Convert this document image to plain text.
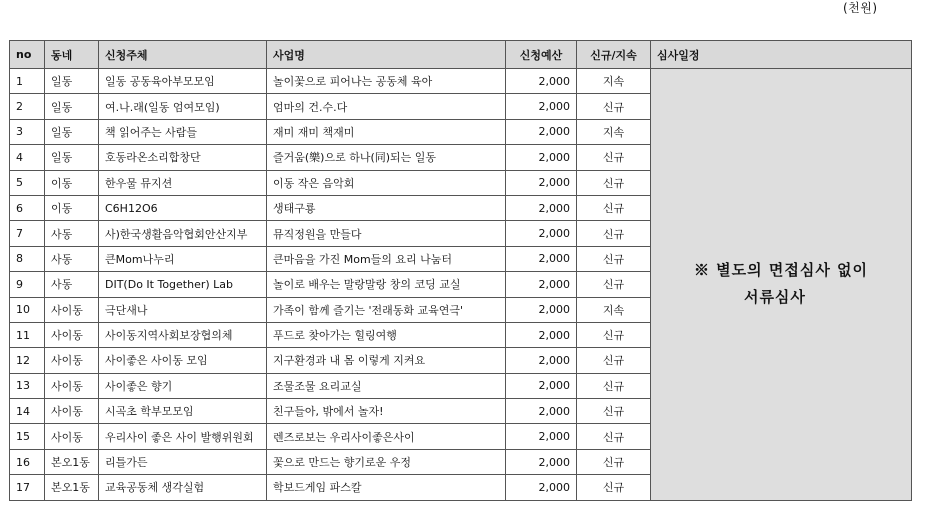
(천원)
no	동네	신청주체	사업명	신청예산	신규/지속	심사일정
1	일동	일동 공동육아부모모임	놀이꽃으로 피어나는 공동체 육아	2,000	지속	※ 별도의 면접심사 없이
서류심사

2	일동	여.나.래(일동 엄여모임)	엄마의 건.수.다	2,000	신규	
3	일동	책 읽어주는 사람들	재미 재미 책재미	2,000	지속	
4	일동	호동라온소리합창단	즐거움(樂)으로 하나(同)되는 일동	2,000	신규	
5	이동	한우물 뮤지션	이동 작은 음악회	2,000	신규	
6	이동	C6H12O6	생태구룡	2,000	신규	
7	사동	사)한국생활음악협회안산지부	뮤직정원을 만들다	2,000	신규	
8	사동	큰Mom나누리	큰마음을 가진 Mom들의 요리 나눔터	2,000	신규	
9	사동	DIT(Do It Together) Lab	놀이로 배우는 말랑말랑 창의 코딩 교실	2,000	신규	
10	사이동	극단새나	가족이 함께 즐기는 '전래동화 교육연극'	2,000	지속	
11	사이동	사이동지역사회보장협의체	푸드로 찾아가는 힐링여행	2,000	신규	
12	사이동	사이좋은 사이동 모임	지구환경과 내 몸 이렇게 지켜요	2,000	신규	
13	사이동	사이좋은 향기	조물조물 요리교실	2,000	신규	
14	사이동	시곡초 학부모모임	친구들아, 밖에서 놀자!	2,000	신규	
15	사이동	우리사이 좋은 사이 발행위원회	렌즈로보는 우리사이좋은사이	2,000	신규	
16	본오1동	리틀가든	꽃으로 만드는 향기로운 우정	2,000	신규	
17	본오1동	교육공동체 생각실험	학보드게임 파스칼	2,000	신규	
